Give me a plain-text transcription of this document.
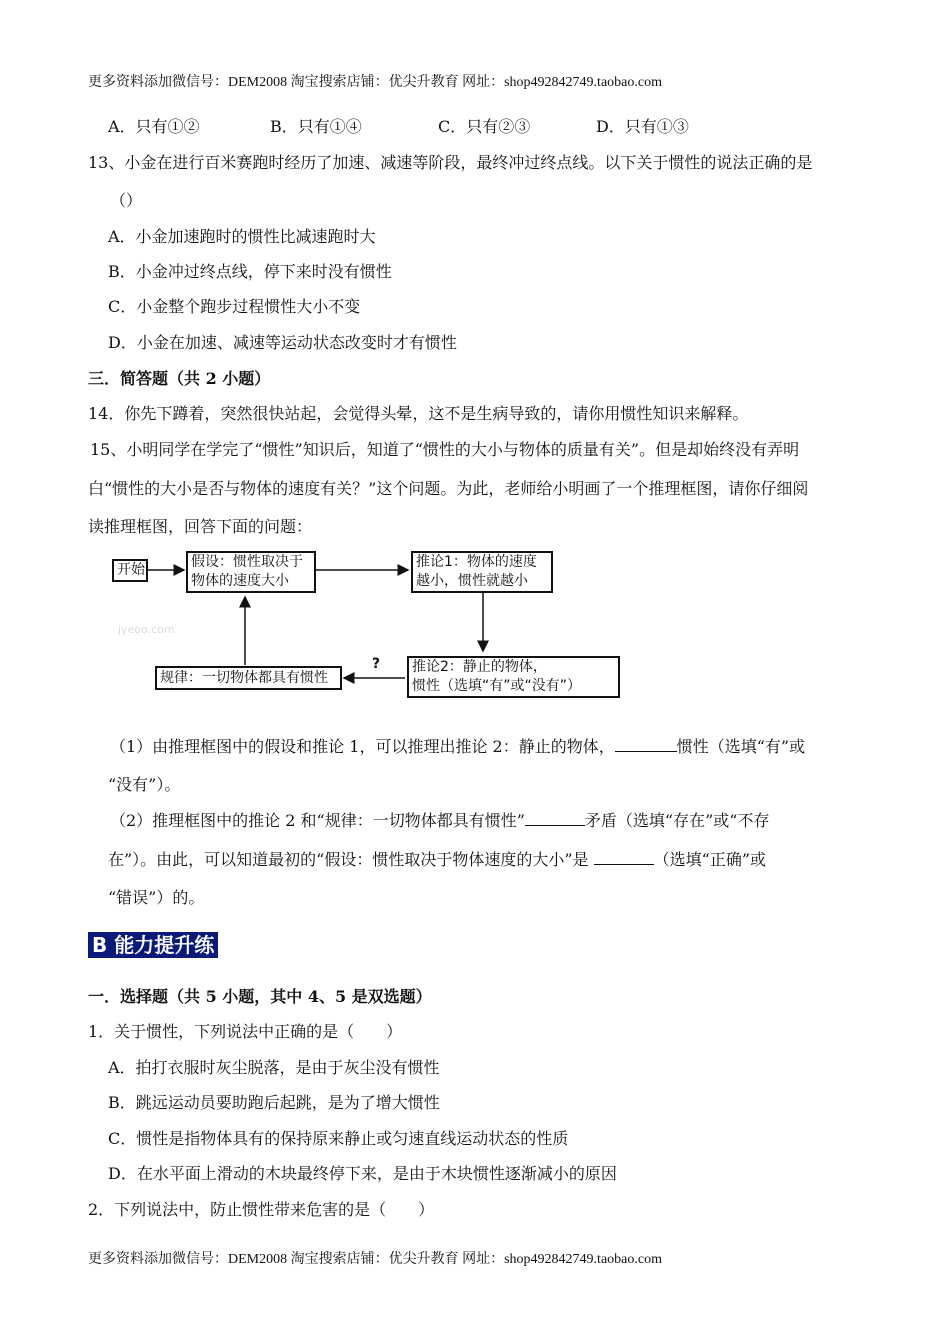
更多资料添加微信号：DEM2008 淘宝搜索店铺：优尖升教育 网址：shop492842749.taobao.com
A．只有①②	B．只有①④	C．只有②③	D．只有①③
13、小金在进行百米赛跑时经历了加速、减速等阶段，最终冲过终点线。以下关于惯性的说法正确的是
（）
A．小金加速跑时的惯性比减速跑时大
B．小金冲过终点线，停下来时没有惯性
C．小金整个跑步过程惯性大小不变
D．小金在加速、减速等运动状态改变时才有惯性
三．简答题（共 2 小题）
14．你先下蹲着，突然很快站起，会觉得头晕，这不是生病导致的，请你用惯性知识来解释。
15、小明同学在学完了“惯性”知识后，知道了“惯性的大小与物体的质量有关”。但是却始终没有弄明
白“惯性的大小是否与物体的速度有关？”这个问题。为此，老师给小明画了一个推理框图，请你仔细阅
读推理框图，回答下面的问题：
开始	假设：惯性取决于
物体的速度大小
推论1：物体的速度
越小，惯性就越小
推论2：静止的物体，
惯性（选填“有”或“没有”）
规律：一切物体都具有惯性
?
jyeoo.com
（1）由推理框图中的假设和推论 1，可以推理出推论 2：静止的物体，	惯性（选填“有”或
“没有”）。
（2）推理框图中的推论 2 和“规律：一切物体都具有惯性”	矛盾（选填“存在”或“不存
在”）。由此，可以知道最初的“假设：惯性取决于物体速度的大小”是	（选填“正确”或
“错误”）的。
B 能力提升练
一．选择题（共 5 小题，其中 4、5 是双选题）
1．关于惯性，下列说法中正确的是（　　）
A．拍打衣服时灰尘脱落，是由于灰尘没有惯性
B．跳远运动员要助跑后起跳，是为了增大惯性
C．惯性是指物体具有的保持原来静止或匀速直线运动状态的性质
D．在水平面上滑动的木块最终停下来，是由于木块惯性逐渐减小的原因
2．下列说法中，防止惯性带来危害的是（　　）
更多资料添加微信号：DEM2008 淘宝搜索店铺：优尖升教育 网址：shop492842749.taobao.com
